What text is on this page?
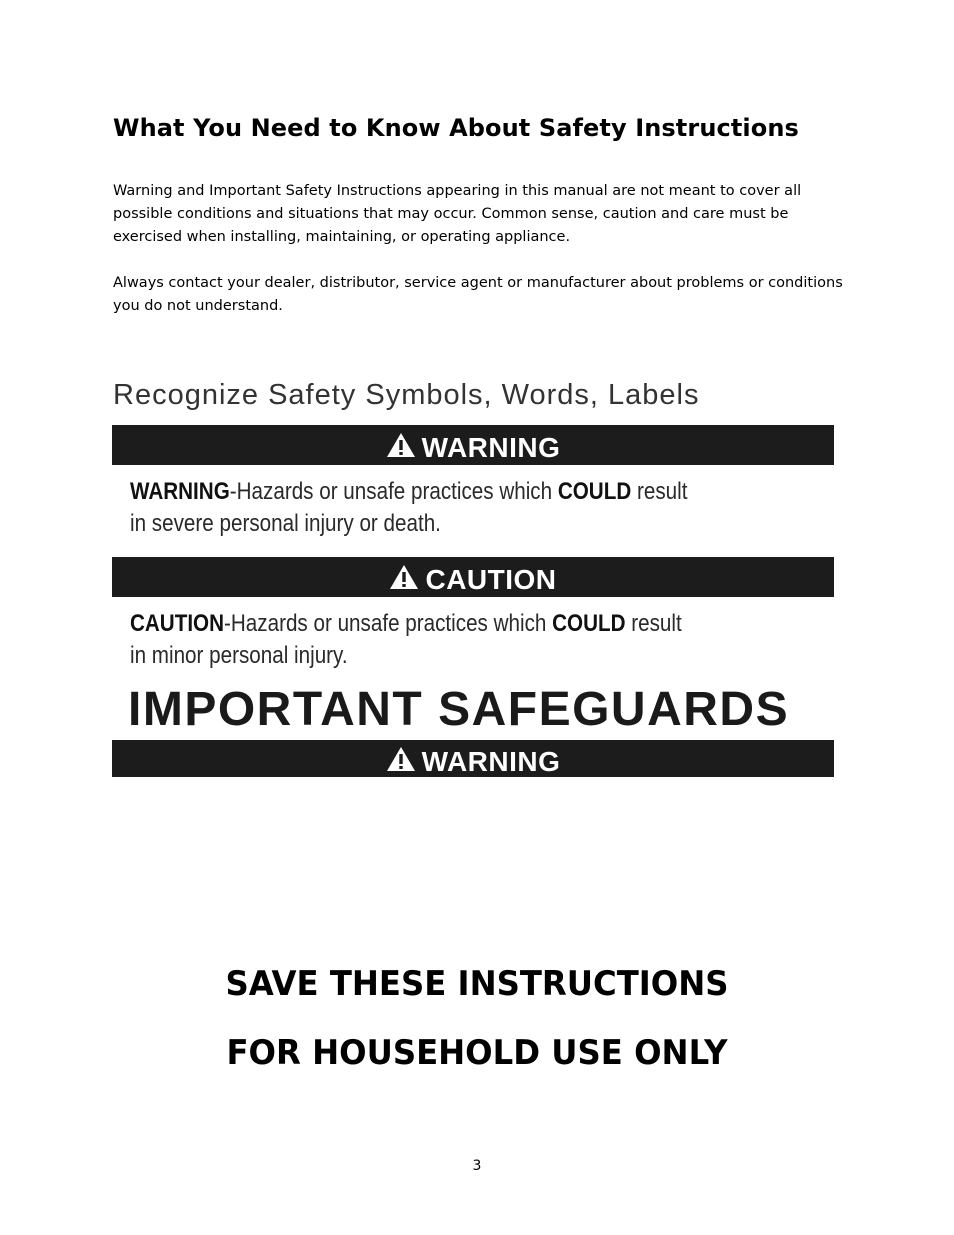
What You Need to Know About Safety Instructions

Warning and Important Safety Instructions appearing in this manual are not meant to cover all possible conditions and situations that may occur. Common sense, caution and care must be exercised when installing, maintaining, or operating appliance.

Always contact your dealer, distributor, service agent or manufacturer about problems or conditions you do not understand.

Recognize Safety Symbols, Words, Labels
WARNING

WARNING-Hazards or unsafe practices which COULD result
in severe personal injury or death.

CAUTION

CAUTION-Hazards or unsafe practices which COULD result
in minor personal injury.

IMPORTANT SAFEGUARDS
WARNING
SAVE THESE INSTRUCTIONS
FOR HOUSEHOLD USE ONLY
3
